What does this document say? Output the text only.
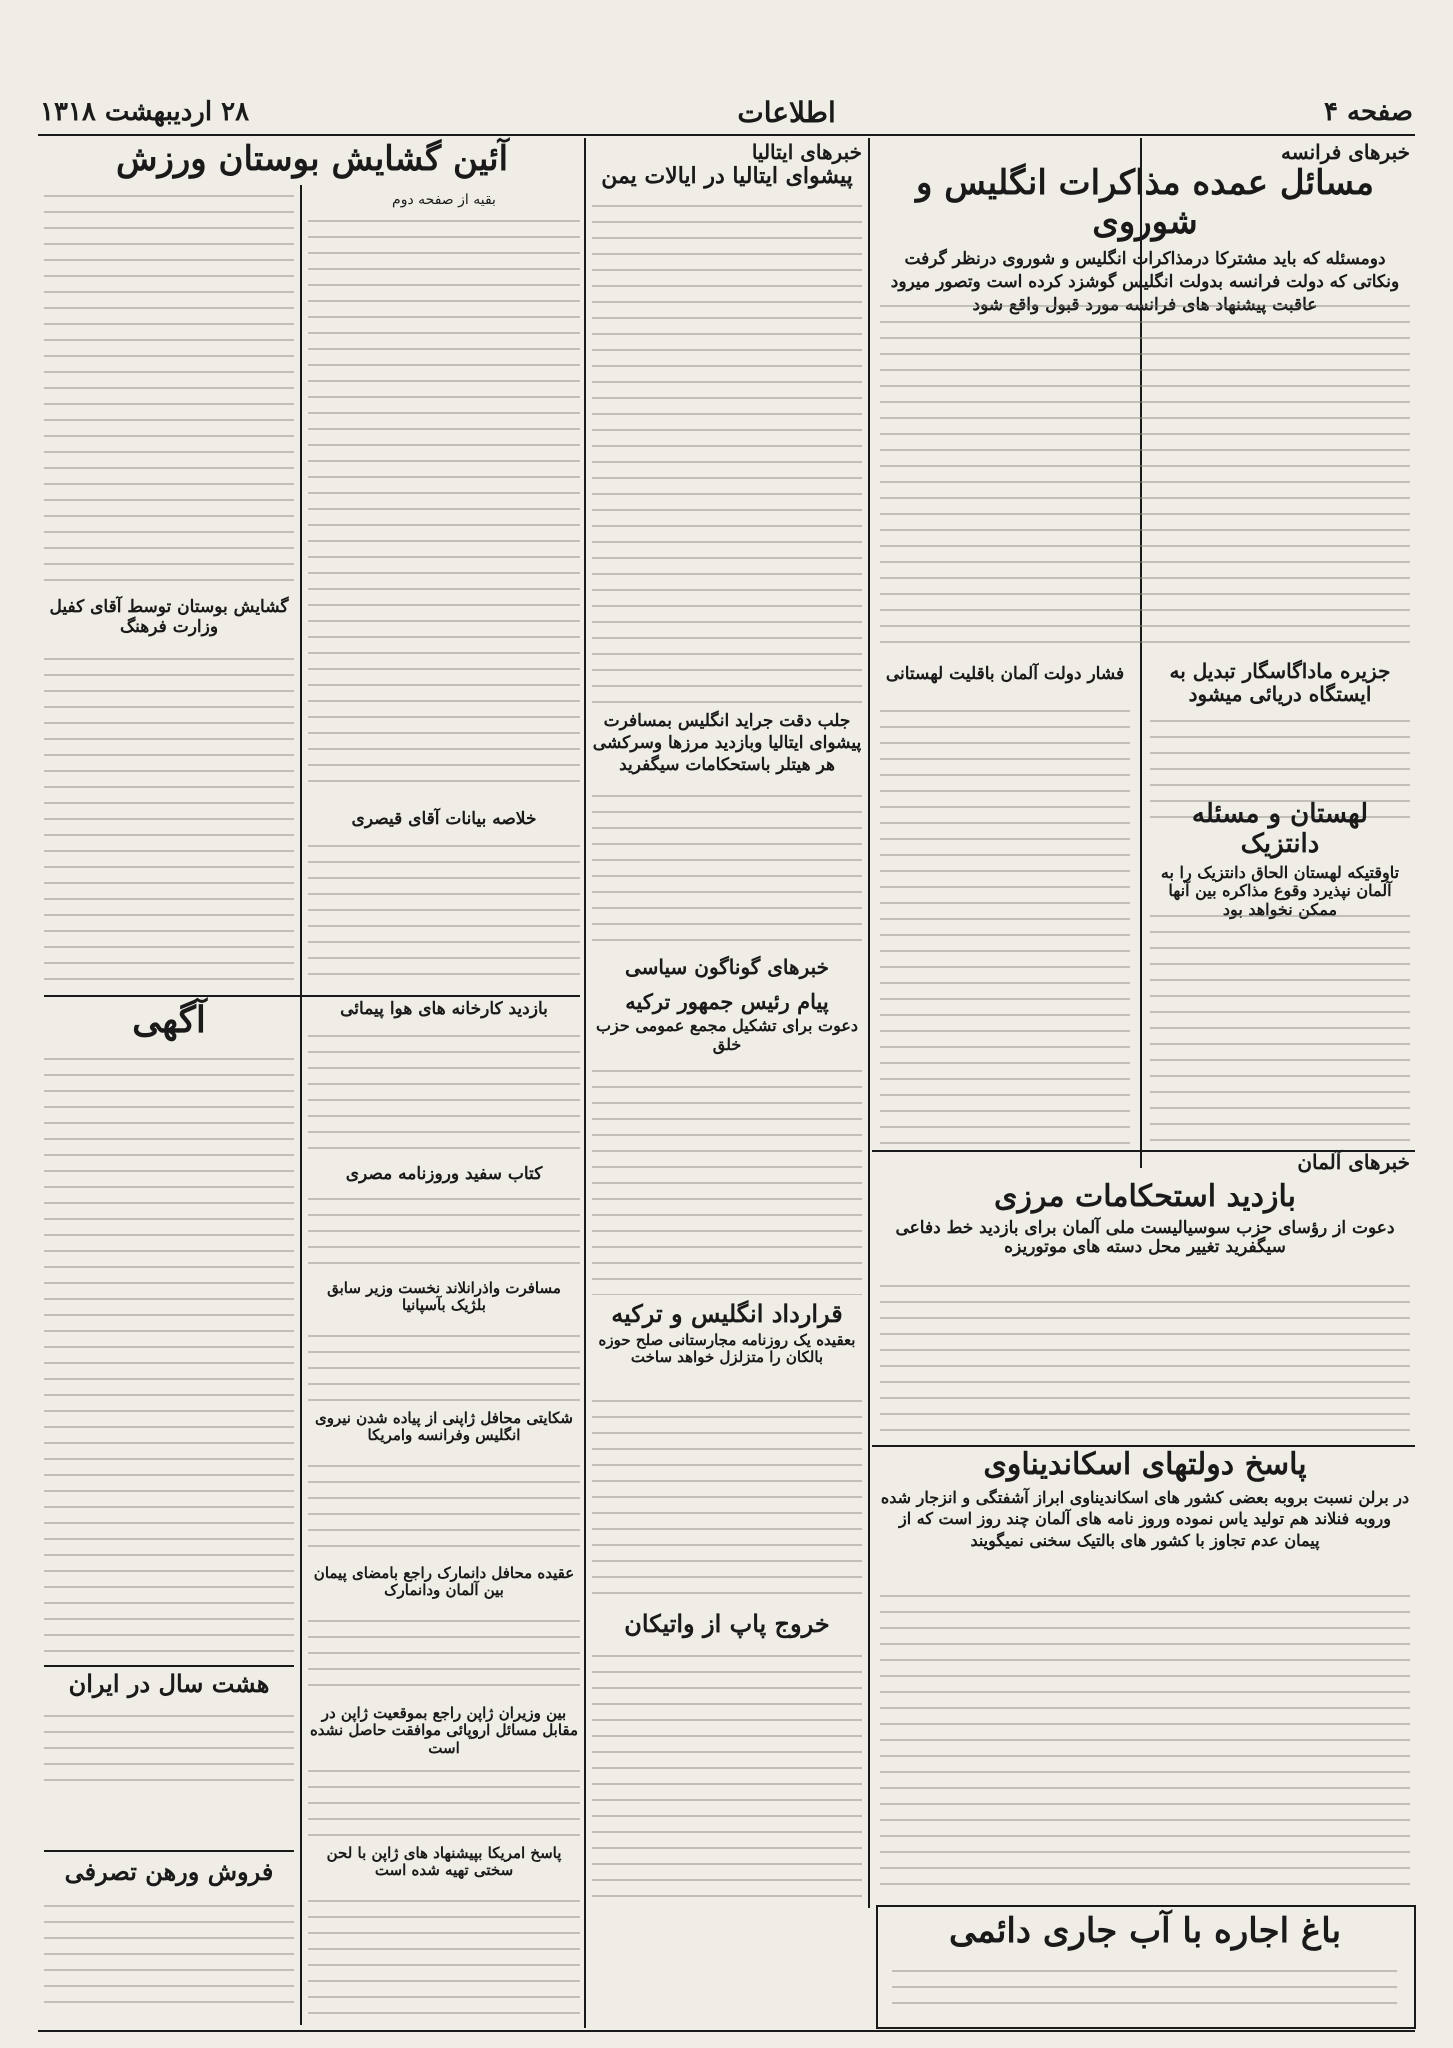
صفحه ۴
اطلاعات
۲۸ اردیبهشت ۱۳۱۸
خبرهای فرانسه
مسائل عمده مذاکرات انگلیس و شوروی
دومسئله که باید مشترکا درمذاکرات انگلیس و شوروی درنظر گرفت ونکاتی که دولت فرانسه بدولت انگلیس گوشزد کرده است وتصور میرود عاقبت پیشنهاد های فرانسه مورد قبول واقع شود
جزیره ماداگاسگار تبدیل به ایستگاه دریائی میشود
لهستان و مسئله دانتزیک
تاوقتیکه لهستان الحاق دانتزیک را به آلمان نپذیرد وقوع مذاکره بین آنها ممکن نخواهد بود
فشار دولت آلمان باقلیت لهستانی
خبرهای آلمان
بازدید استحکامات مرزی
دعوت از رؤسای حزب سوسیالیست ملی آلمان برای بازدید خط دفاعی سیگفرید تغییر محل دسته های موتوریزه
پاسخ دولتهای اسکاندیناوی
در برلن نسبت بروبه بعضی کشور های اسکاندیناوی ابراز آشفتگی و انزجار شده وروبه فنلاند هم تولید یاس نموده وروز نامه های آلمان چند روز است که از پیمان عدم تجاوز با کشور های بالتیک سخنی نمیگویند
خبرهای ایتالیا
پیشوای ایتالیا در ایالات یمن
جلب دقت جراید انگلیس بمسافرت پیشوای ایتالیا وبازدید مرزها وسرکشی هر هیتلر باستحکامات سیگفرید
خبرهای گوناگون سیاسی
پیام رئیس جمهور ترکیه
دعوت برای تشکیل مجمع عمومی حزب خلق
قرارداد انگلیس و ترکیه
بعقیده یک روزنامه مجارستانی صلح حوزه بالکان را متزلزل خواهد ساخت
خروج پاپ از واتیکان
آئین گشایش بوستان ورزش
بقیه از صفحه دوم
گشایش بوستان توسط آقای کفیل وزارت فرهنگ
خلاصه بیانات آقای قیصری
آگهی	بازدید کارخانه های هوا پیمائی
کتاب سفید وروزنامه مصری
مسافرت واذرانلاند نخست وزیر سابق بلژیک بآسپانیا
شکایتی محافل ژاپنی از پیاده شدن نیروی انگلیس وفرانسه وامریکا
عقیده محافل دانمارک راجع بامضای پیمان بین آلمان ودانمارک
بین وزیران ژاپن راجع بموقعیت ژاپن در مقابل مسائل اروپائی موافقت حاصل نشده است
پاسخ امریکا بپیشنهاد های ژاپن با لحن سختی تهیه شده است
هشت سال در ایران
فروش ورهن تصرفی
باغ اجاره با آب جاری دائمی
